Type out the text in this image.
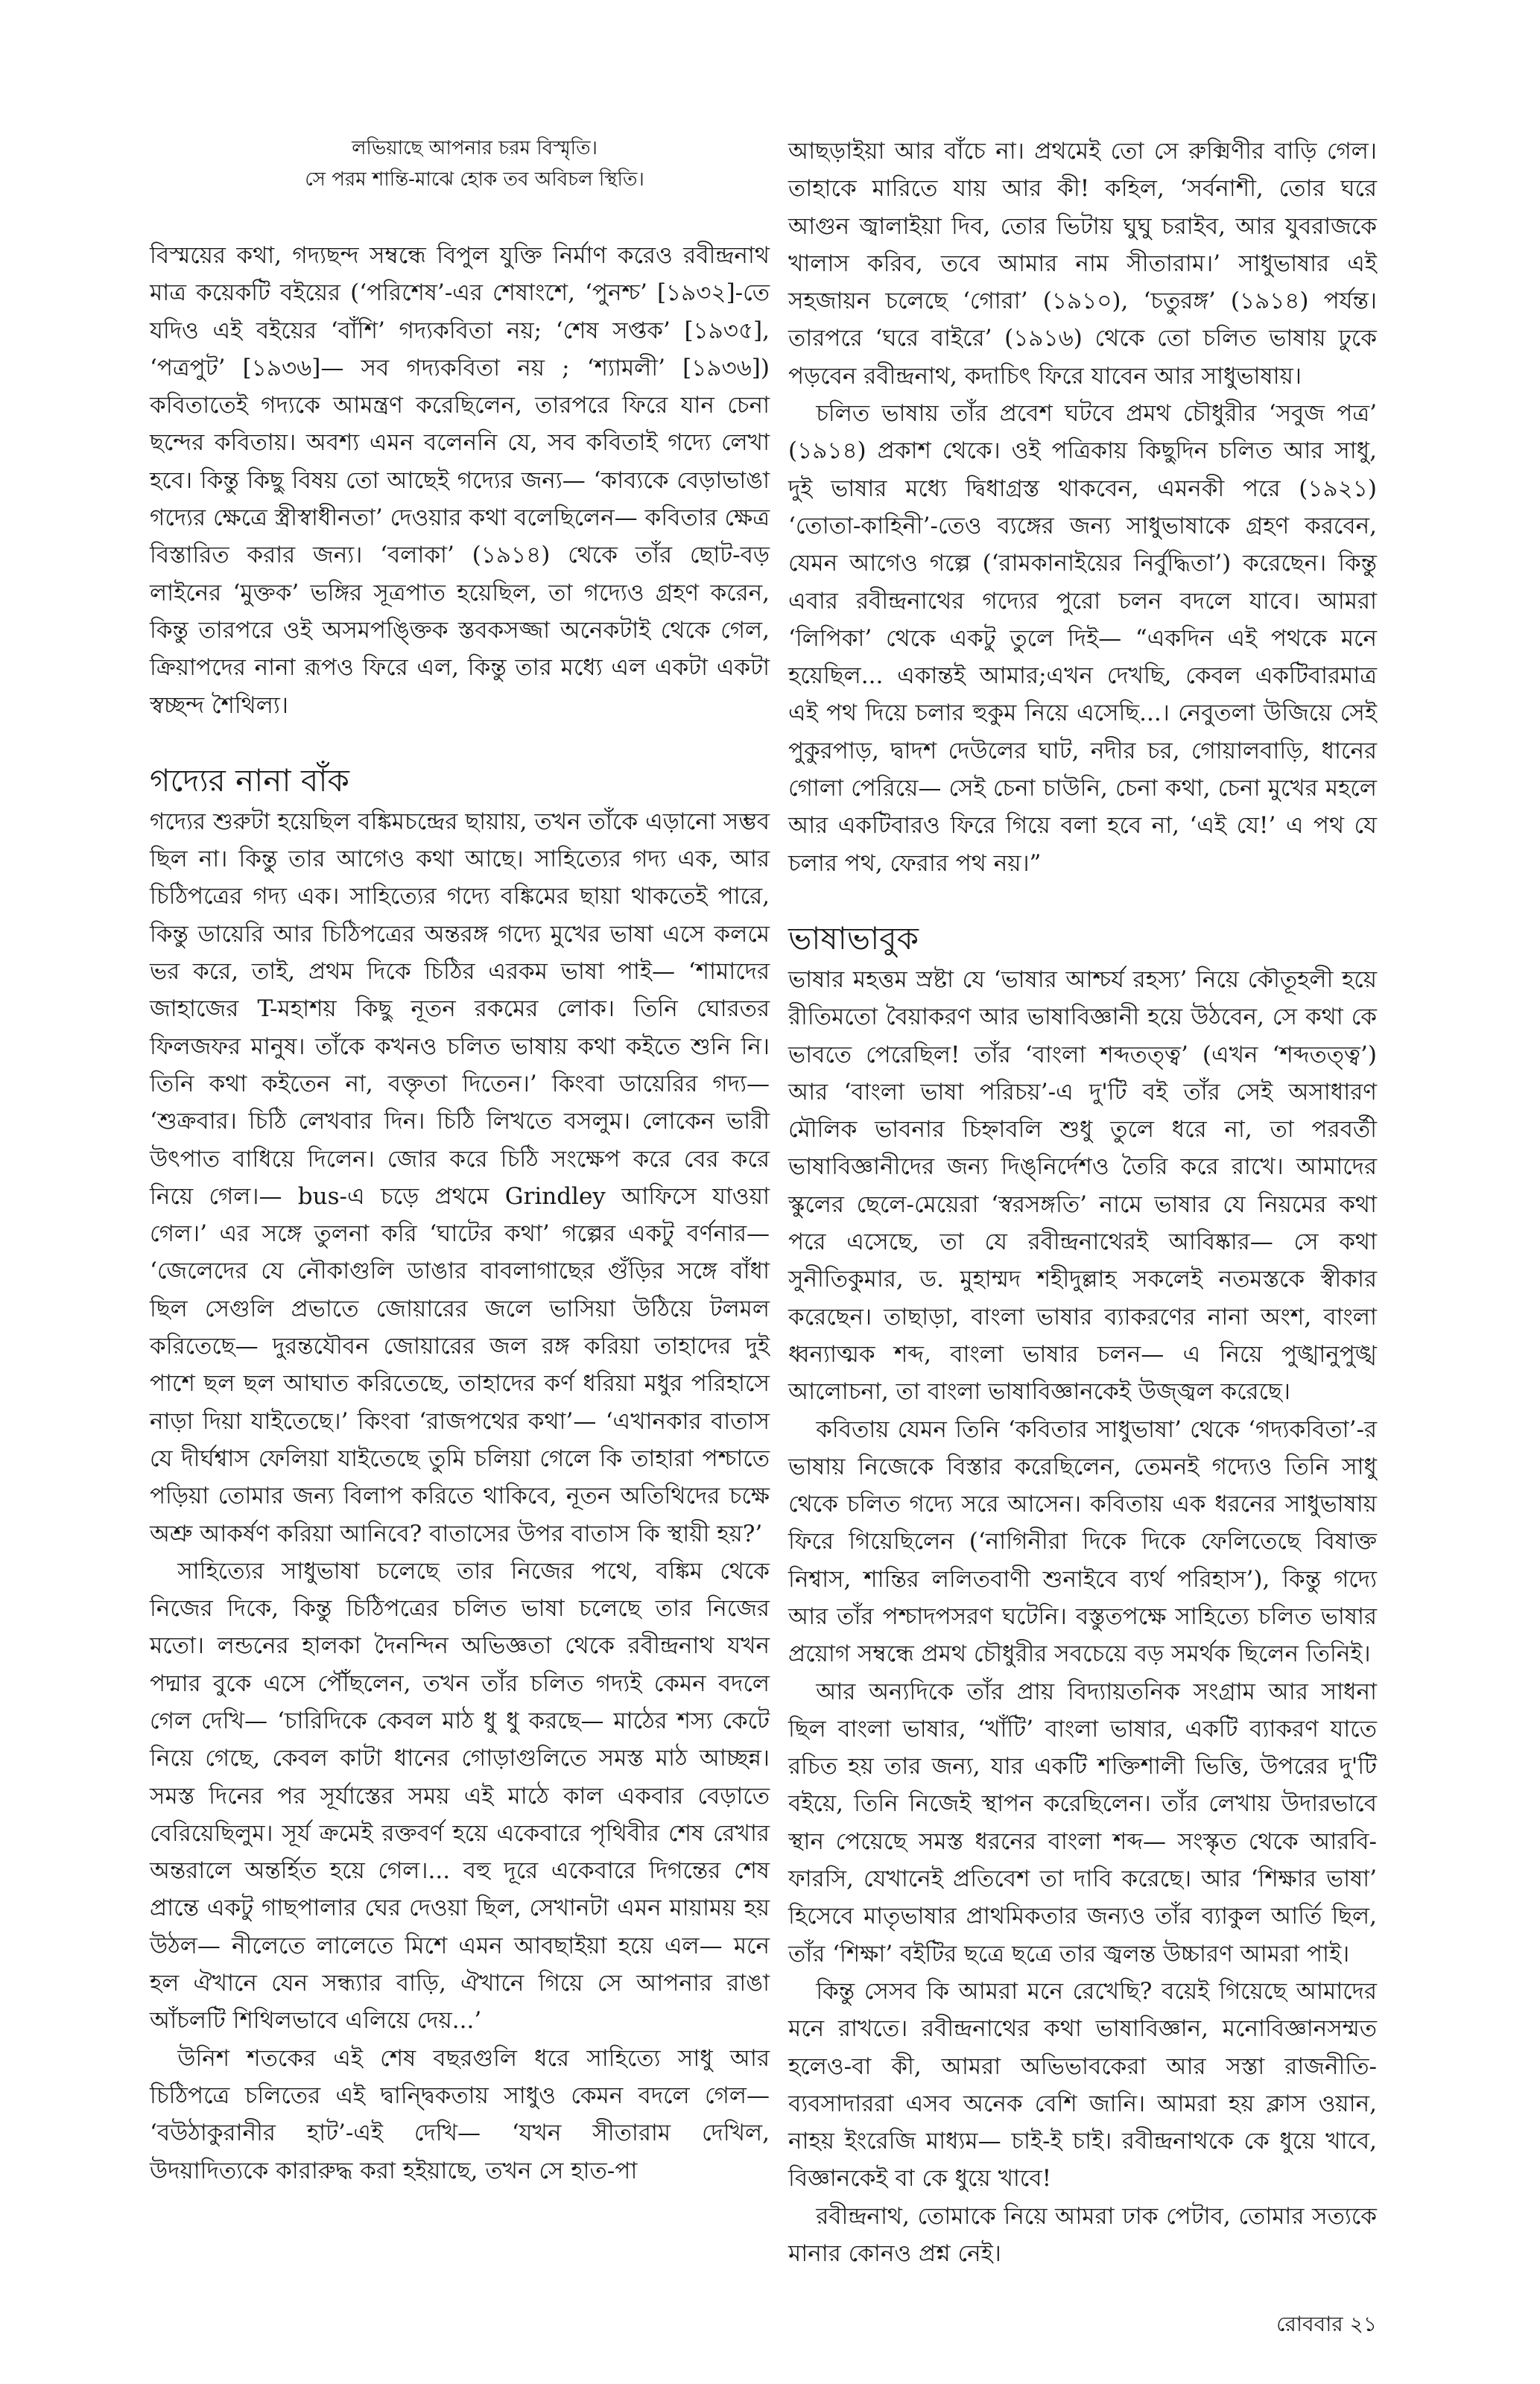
লভিয়াছে আপনার চরম বিস্মৃতি।
সে পরম শান্তি-মাঝে হোক তব অবিচল স্থিতি।

বিস্ময়ের কথা, গদ্যছন্দ সম্বন্ধে বিপুল যুক্তি নির্মাণ করেও রবীন্দ্রনাথ মাত্র কয়েকটি বইয়ের (‘পরিশেষ’-এর শেষাংশে, ‘পুনশ্চ’ [১৯৩২]-তে যদিও এই বইয়ের ‘বাঁশি’ গদ্যকবিতা নয়; ‘শেষ সপ্তক’ [১৯৩৫], ‘পত্রপুট’ [১৯৩৬]— সব গদ্যকবিতা নয় ; ‘শ্যামলী’ [১৯৩৬]) কবিতাতেই গদ্যকে আমন্ত্রণ করেছিলেন, তারপরে ফিরে যান চেনা ছন্দের কবিতায়। অবশ্য এমন বলেননি যে, সব কবিতাই গদ্যে লেখা হবে। কিন্তু কিছু বিষয় তো আছেই গদ্যের জন্য— ‘কাব্যকে বেড়াভাঙা গদ্যের ক্ষেত্রে স্ত্রীস্বাধীনতা’ দেওয়ার কথা বলেছিলেন— কবিতার ক্ষেত্র বিস্তারিত করার জন্য। ‘বলাকা’ (১৯১৪) থেকে তাঁর ছোট-বড় লাইনের ‘মুক্তক’ ভঙ্গির সূত্রপাত হয়েছিল, তা গদ্যেও গ্রহণ করেন, কিন্তু তারপরে ওই অসমপঙ্ক্তিক স্তবকসজ্জা অনেকটাই থেকে গেল, ক্রিয়াপদের নানা রূপও ফিরে এল, কিন্তু তার মধ্যে এল একটা একটা স্বচ্ছন্দ শৈথিল্য।

গদ্যের নানা বাঁক

গদ্যের শুরুটা হয়েছিল বঙ্কিমচন্দ্রের ছায়ায়, তখন তাঁকে এড়ানো সম্ভব ছিল না। কিন্তু তার আগেও কথা আছে। সাহিত্যের গদ্য এক, আর চিঠিপত্রের গদ্য এক। সাহিত্যের গদ্যে বঙ্কিমের ছায়া থাকতেই পারে, কিন্তু ডায়েরি আর চিঠিপত্রের অন্তরঙ্গ গদ্যে মুখের ভাষা এসে কলমে ভর করে, তাই, প্রথম দিকে চিঠির এরকম ভাষা পাই— ‘শামাদের জাহাজের T-মহাশয় কিছু নূতন রকমের লোক। তিনি ঘোরতর ফিলজফর মানুষ। তাঁকে কখনও চলিত ভাষায় কথা কইতে শুনি নি। তিনি কথা কইতেন না, বক্তৃতা দিতেন।’ কিংবা ডায়েরির গদ্য— ‘শুক্রবার। চিঠি লেখবার দিন। চিঠি লিখতে বসলুম। লোকেন ভারী উৎপাত বাধিয়ে দিলেন। জোর করে চিঠি সংক্ষেপ করে বের করে নিয়ে গেল।— bus-এ চড়ে প্রথমে Grindley আফিসে যাওয়া গেল।’ এর সঙ্গে তুলনা করি ‘ঘাটের কথা’ গল্পের একটু বর্ণনার— ‘জেলেদের যে নৌকাগুলি ডাঙার বাবলাগাছের গুঁড়ির সঙ্গে বাঁধা ছিল সেগুলি প্রভাতে জোয়ারের জলে ভাসিয়া উঠিয়ে টলমল করিতেছে— দুরন্তযৌবন জোয়ারের জল রঙ্গ করিয়া তাহাদের দুই পাশে ছল ছল আঘাত করিতেছে, তাহাদের কর্ণ ধরিয়া মধুর পরিহাসে নাড়া দিয়া যাইতেছে।’ কিংবা ‘রাজপথের কথা’— ‘এখানকার বাতাস যে দীর্ঘশ্বাস ফেলিয়া যাইতেছে তুমি চলিয়া গেলে কি তাহারা পশ্চাতে পড়িয়া তোমার জন্য বিলাপ করিতে থাকিবে, নূতন অতিথিদের চক্ষে অশ্রু আকর্ষণ করিয়া আনিবে? বাতাসের উপর বাতাস কি স্থায়ী হয়?’

সাহিত্যের সাধুভাষা চলেছে তার নিজের পথে, বঙ্কিম থেকে নিজের দিকে, কিন্তু চিঠিপত্রের চলিত ভাষা চলেছে তার নিজের মতো। লন্ডনের হালকা দৈনন্দিন অভিজ্ঞতা থেকে রবীন্দ্রনাথ যখন পদ্মার বুকে এসে পৌঁছলেন, তখন তাঁর চলিত গদ্যই কেমন বদলে গেল দেখি— ‘চারিদিকে কেবল মাঠ ধু ধু করছে— মাঠের শস্য কেটে নিয়ে গেছে, কেবল কাটা ধানের গোড়াগুলিতে সমস্ত মাঠ আচ্ছন্ন। সমস্ত দিনের পর সূর্যাস্তের সময় এই মাঠে কাল একবার বেড়াতে বেরিয়েছিলুম। সূর্য ক্রমেই রক্তবর্ণ হয়ে একেবারে পৃথিবীর শেষ রেখার অন্তরালে অন্তর্হিত হয়ে গেল।... বহু দূরে একেবারে দিগন্তের শেষ প্রান্তে একটু গাছপালার ঘের দেওয়া ছিল, সেখানটা এমন মায়াময় হয় উঠল— নীলেতে লালেতে মিশে এমন আবছাইয়া হয়ে এল— মনে হল ঐখানে যেন সন্ধ্যার বাড়ি, ঐখানে গিয়ে সে আপনার রাঙা আঁচলটি শিথিলভাবে এলিয়ে দেয়...’

উনিশ শতকের এই শেষ বছরগুলি ধরে সাহিত্যে সাধু আর চিঠিপত্রে চলিতের এই দ্বান্দ্বিকতায় সাধুও কেমন বদলে গেল— ‘বউঠাকুরানীর হাট’-এই দেখি— ‘যখন সীতারাম দেখিল, উদয়াদিত্যকে কারারুদ্ধ করা হইয়াছে, তখন সে হাত-পা

আছড়াইয়া আর বাঁচে না। প্রথমেই তো সে রুক্মিণীর বাড়ি গেল। তাহাকে মারিতে যায় আর কী! কহিল, ‘সর্বনাশী, তোর ঘরে আগুন জ্বালাইয়া দিব, তোর ভিটায় ঘুঘু চরাইব, আর যুবরাজকে খালাস করিব, তবে আমার নাম সীতারাম।’ সাধুভাষার এই সহজায়ন চলেছে ‘গোরা’ (১৯১০), ‘চতুরঙ্গ’ (১৯১৪) পর্যন্ত। তারপরে ‘ঘরে বাইরে’ (১৯১৬) থেকে তো চলিত ভাষায় ঢুকে পড়বেন রবীন্দ্রনাথ, কদাচিৎ ফিরে যাবেন আর সাধুভাষায়।

চলিত ভাষায় তাঁর প্রবেশ ঘটবে প্রমথ চৌধুরীর ‘সবুজ পত্র’ (১৯১৪) প্রকাশ থেকে। ওই পত্রিকায় কিছুদিন চলিত আর সাধু, দুই ভাষার মধ্যে দ্বিধাগ্রস্ত থাকবেন, এমনকী পরে (১৯২১) ‘তোতা-কাহিনী’-তেও ব্যঙ্গের জন্য সাধুভাষাকে গ্রহণ করবেন, যেমন আগেও গল্পে (‘রামকানাইয়ের নির্বুদ্ধিতা’) করেছেন। কিন্তু এবার রবীন্দ্রনাথের গদ্যের পুরো চলন বদলে যাবে। আমরা ‘লিপিকা’ থেকে একটু তুলে দিই— “একদিন এই পথকে মনে হয়েছিল... একান্তই আমার;এখন দেখছি, কেবল একটিবারমাত্র এই পথ দিয়ে চলার হুকুম নিয়ে এসেছি...। নেবুতলা উজিয়ে সেই পুকুরপাড়, দ্বাদশ দেউলের ঘাট, নদীর চর, গোয়ালবাড়ি, ধানের গোলা পেরিয়ে— সেই চেনা চাউনি, চেনা কথা, চেনা মুখের মহলে আর একটিবারও ফিরে গিয়ে বলা হবে না, ‘এই যে!’ এ পথ যে চলার পথ, ফেরার পথ নয়।”

ভাষাভাবুক

ভাষার মহত্তম স্রষ্টা যে ‘ভাষার আশ্চর্য রহস্য’ নিয়ে কৌতূহলী হয়ে রীতিমতো বৈয়াকরণ আর ভাষাবিজ্ঞানী হয়ে উঠবেন, সে কথা কে ভাবতে পেরেছিল! তাঁর ‘বাংলা শব্দতত্ত্ব’ (এখন ‘শব্দতত্ত্ব’) আর ‘বাংলা ভাষা পরিচয়’-এ দু'টি বই তাঁর সেই অসাধারণ মৌলিক ভাবনার চিহ্নাবলি শুধু তুলে ধরে না, তা পরবর্তী ভাষাবিজ্ঞানীদের জন্য দিঙ্‌নির্দেশও তৈরি করে রাখে। আমাদের স্কুলের ছেলে-মেয়েরা ‘স্বরসঙ্গতি’ নামে ভাষার যে নিয়মের কথা পরে এসেছে, তা যে রবীন্দ্রনাথেরই আবিষ্কার— সে কথা সুনীতিকুমার, ড. মুহাম্মদ শহীদুল্লাহ সকলেই নতমস্তকে স্বীকার করেছেন। তাছাড়া, বাংলা ভাষার ব্যাকরণের নানা অংশ, বাংলা ধ্বন্যাত্মক শব্দ, বাংলা ভাষার চলন— এ নিয়ে পুঙ্খানুপুঙ্খ আলোচনা, তা বাংলা ভাষাবিজ্ঞানকেই উজ্জ্বল করেছে।

কবিতায় যেমন তিনি ‘কবিতার সাধুভাষা’ থেকে ‘গদ্যকবিতা’-র ভাষায় নিজেকে বিস্তার করেছিলেন, তেমনই গদ্যেও তিনি সাধু থেকে চলিত গদ্যে সরে আসেন। কবিতায় এক ধরনের সাধুভাষায় ফিরে গিয়েছিলেন (‘নাগিনীরা দিকে দিকে ফেলিতেছে বিষাক্ত নিশ্বাস, শান্তির ললিতবাণী শুনাইবে ব্যর্থ পরিহাস’), কিন্তু গদ্যে আর তাঁর পশ্চাদপসরণ ঘটেনি। বস্তুতপক্ষে সাহিত্যে চলিত ভাষার প্রয়োগ সম্বন্ধে প্রমথ চৌধুরীর সবচেয়ে বড় সমর্থক ছিলেন তিনিই।

আর অন্যদিকে তাঁর প্রায় বিদ্যায়তনিক সংগ্রাম আর সাধনা ছিল বাংলা ভাষার, ‘খাঁটি’ বাংলা ভাষার, একটি ব্যাকরণ যাতে রচিত হয় তার জন্য, যার একটি শক্তিশালী ভিত্তি, উপরের দু'টি বইয়ে, তিনি নিজেই স্থাপন করেছিলেন। তাঁর লেখায় উদারভাবে স্থান পেয়েছে সমস্ত ধরনের বাংলা শব্দ— সংস্কৃত থেকে আরবি-ফারসি, যেখানেই প্রতিবেশ তা দাবি করেছে। আর ‘শিক্ষার ভাষা’ হিসেবে মাতৃভাষার প্রাথমিকতার জন্যও তাঁর ব্যাকুল আর্তি ছিল, তাঁর ‘শিক্ষা’ বইটির ছত্রে ছত্রে তার জ্বলন্ত উচ্চারণ আমরা পাই।

কিন্তু সেসব কি আমরা মনে রেখেছি? বয়েই গিয়েছে আমাদের মনে রাখতে। রবীন্দ্রনাথের কথা ভাষাবিজ্ঞান, মনোবিজ্ঞানসম্মত হলেও-বা কী, আমরা অভিভাবকেরা আর সস্তা রাজনীতি-ব্যবসাদাররা এসব অনেক বেশি জানি। আমরা হয় ক্লাস ওয়ান, নাহয় ইংরেজি মাধ্যম— চাই-ই চাই। রবীন্দ্রনাথকে কে ধুয়ে খাবে, বিজ্ঞানকেই বা কে ধুয়ে খাবে!

রবীন্দ্রনাথ, তোমাকে নিয়ে আমরা ঢাক পেটাব, তোমার সত্যকে মানার কোনও প্রশ্ন নেই।

রোববার ২১
